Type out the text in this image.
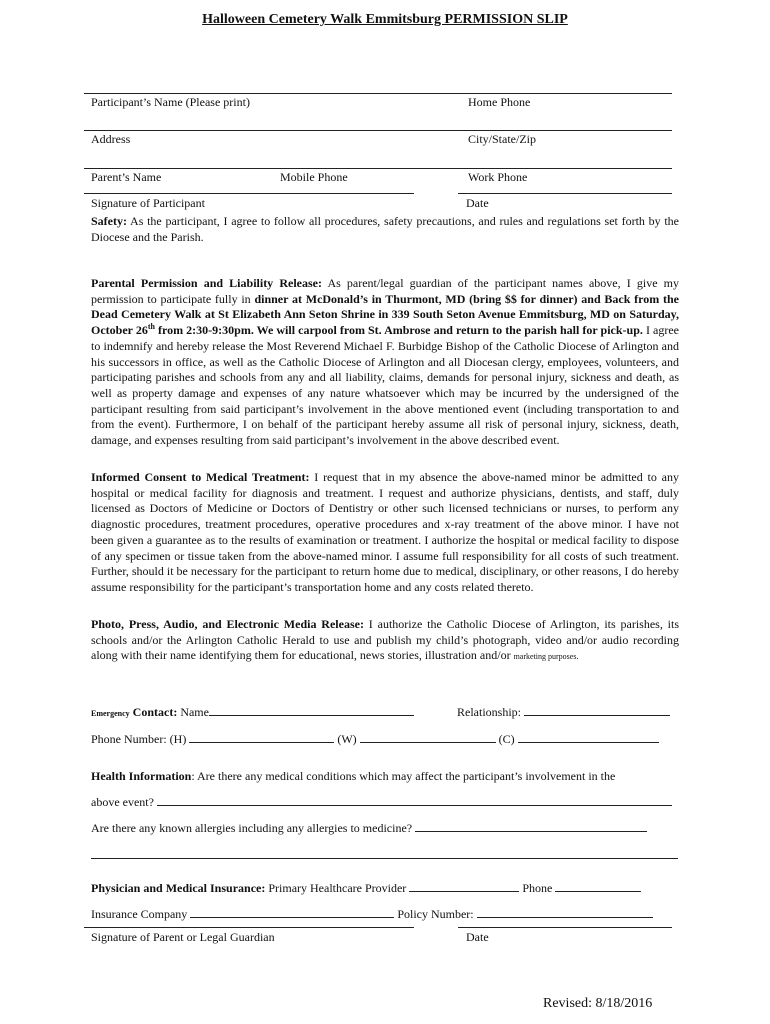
Halloween Cemetery Walk Emmitsburg PERMISSION SLIP
Participant’s Name (Please print)	Home Phone
Address	City/State/Zip
Parent’s Name	Mobile Phone	Work Phone
Signature of Participant	Date
Safety: As the participant, I agree to follow all procedures, safety precautions, and rules and regulations set forth by the Diocese and the Parish.
Parental Permission and Liability Release: As parent/legal guardian of the participant names above, I give my permission to participate fully in dinner at McDonald’s in Thurmont, MD (bring $$ for dinner) and Back from the Dead Cemetery Walk at St Elizabeth Ann Seton Shrine in 339 South Seton Avenue Emmitsburg, MD on Saturday, October 26th from 2:30-9:30pm. We will carpool from St. Ambrose and return to the parish hall for pick-up. I agree to indemnify and hereby release the Most Reverend Michael F. Burbidge Bishop of the Catholic Diocese of Arlington and his successors in office, as well as the Catholic Diocese of Arlington and all Diocesan clergy, employees, volunteers, and participating parishes and schools from any and all liability, claims, demands for personal injury, sickness and death, as well as property damage and expenses of any nature whatsoever which may be incurred by the undersigned of the participant resulting from said participant’s involvement in the above mentioned event (including transportation to and from the event). Furthermore, I on behalf of the participant hereby assume all risk of personal injury, sickness, death, damage, and expenses resulting from said participant’s involvement in the above described event.
Informed Consent to Medical Treatment: I request that in my absence the above-named minor be admitted to any hospital or medical facility for diagnosis and treatment. I request and authorize physicians, dentists, and staff, duly licensed as Doctors of Medicine or Doctors of Dentistry or other such licensed technicians or nurses, to perform any diagnostic procedures, treatment procedures, operative procedures and x-ray treatment of the above minor. I have not been given a guarantee as to the results of examination or treatment. I authorize the hospital or medical facility to dispose of any specimen or tissue taken from the above-named minor. I assume full responsibility for all costs of such treatment. Further, should it be necessary for the participant to return home due to medical, disciplinary, or other reasons, I do hereby assume responsibility for the participant’s transportation home and any costs related thereto.
Photo, Press, Audio, and Electronic Media Release: I authorize the Catholic Diocese of Arlington, its parishes, its schools and/or the Arlington Catholic Herald to use and publish my child’s photograph, video and/or audio recording along with their name identifying them for educational, news stories, illustration and/or marketing purposes.
Emergency Contact: Name	Relationship:
Phone Number: (H)	(W)	(C)
Health Information: Are there any medical conditions which may affect the participant’s involvement in the
above event?
Are there any known allergies including any allergies to medicine?
Physician and Medical Insurance: Primary Healthcare Provider	Phone
Insurance Company	Policy Number:
Signature of Parent or Legal Guardian	Date
Revised: 8/18/2016
